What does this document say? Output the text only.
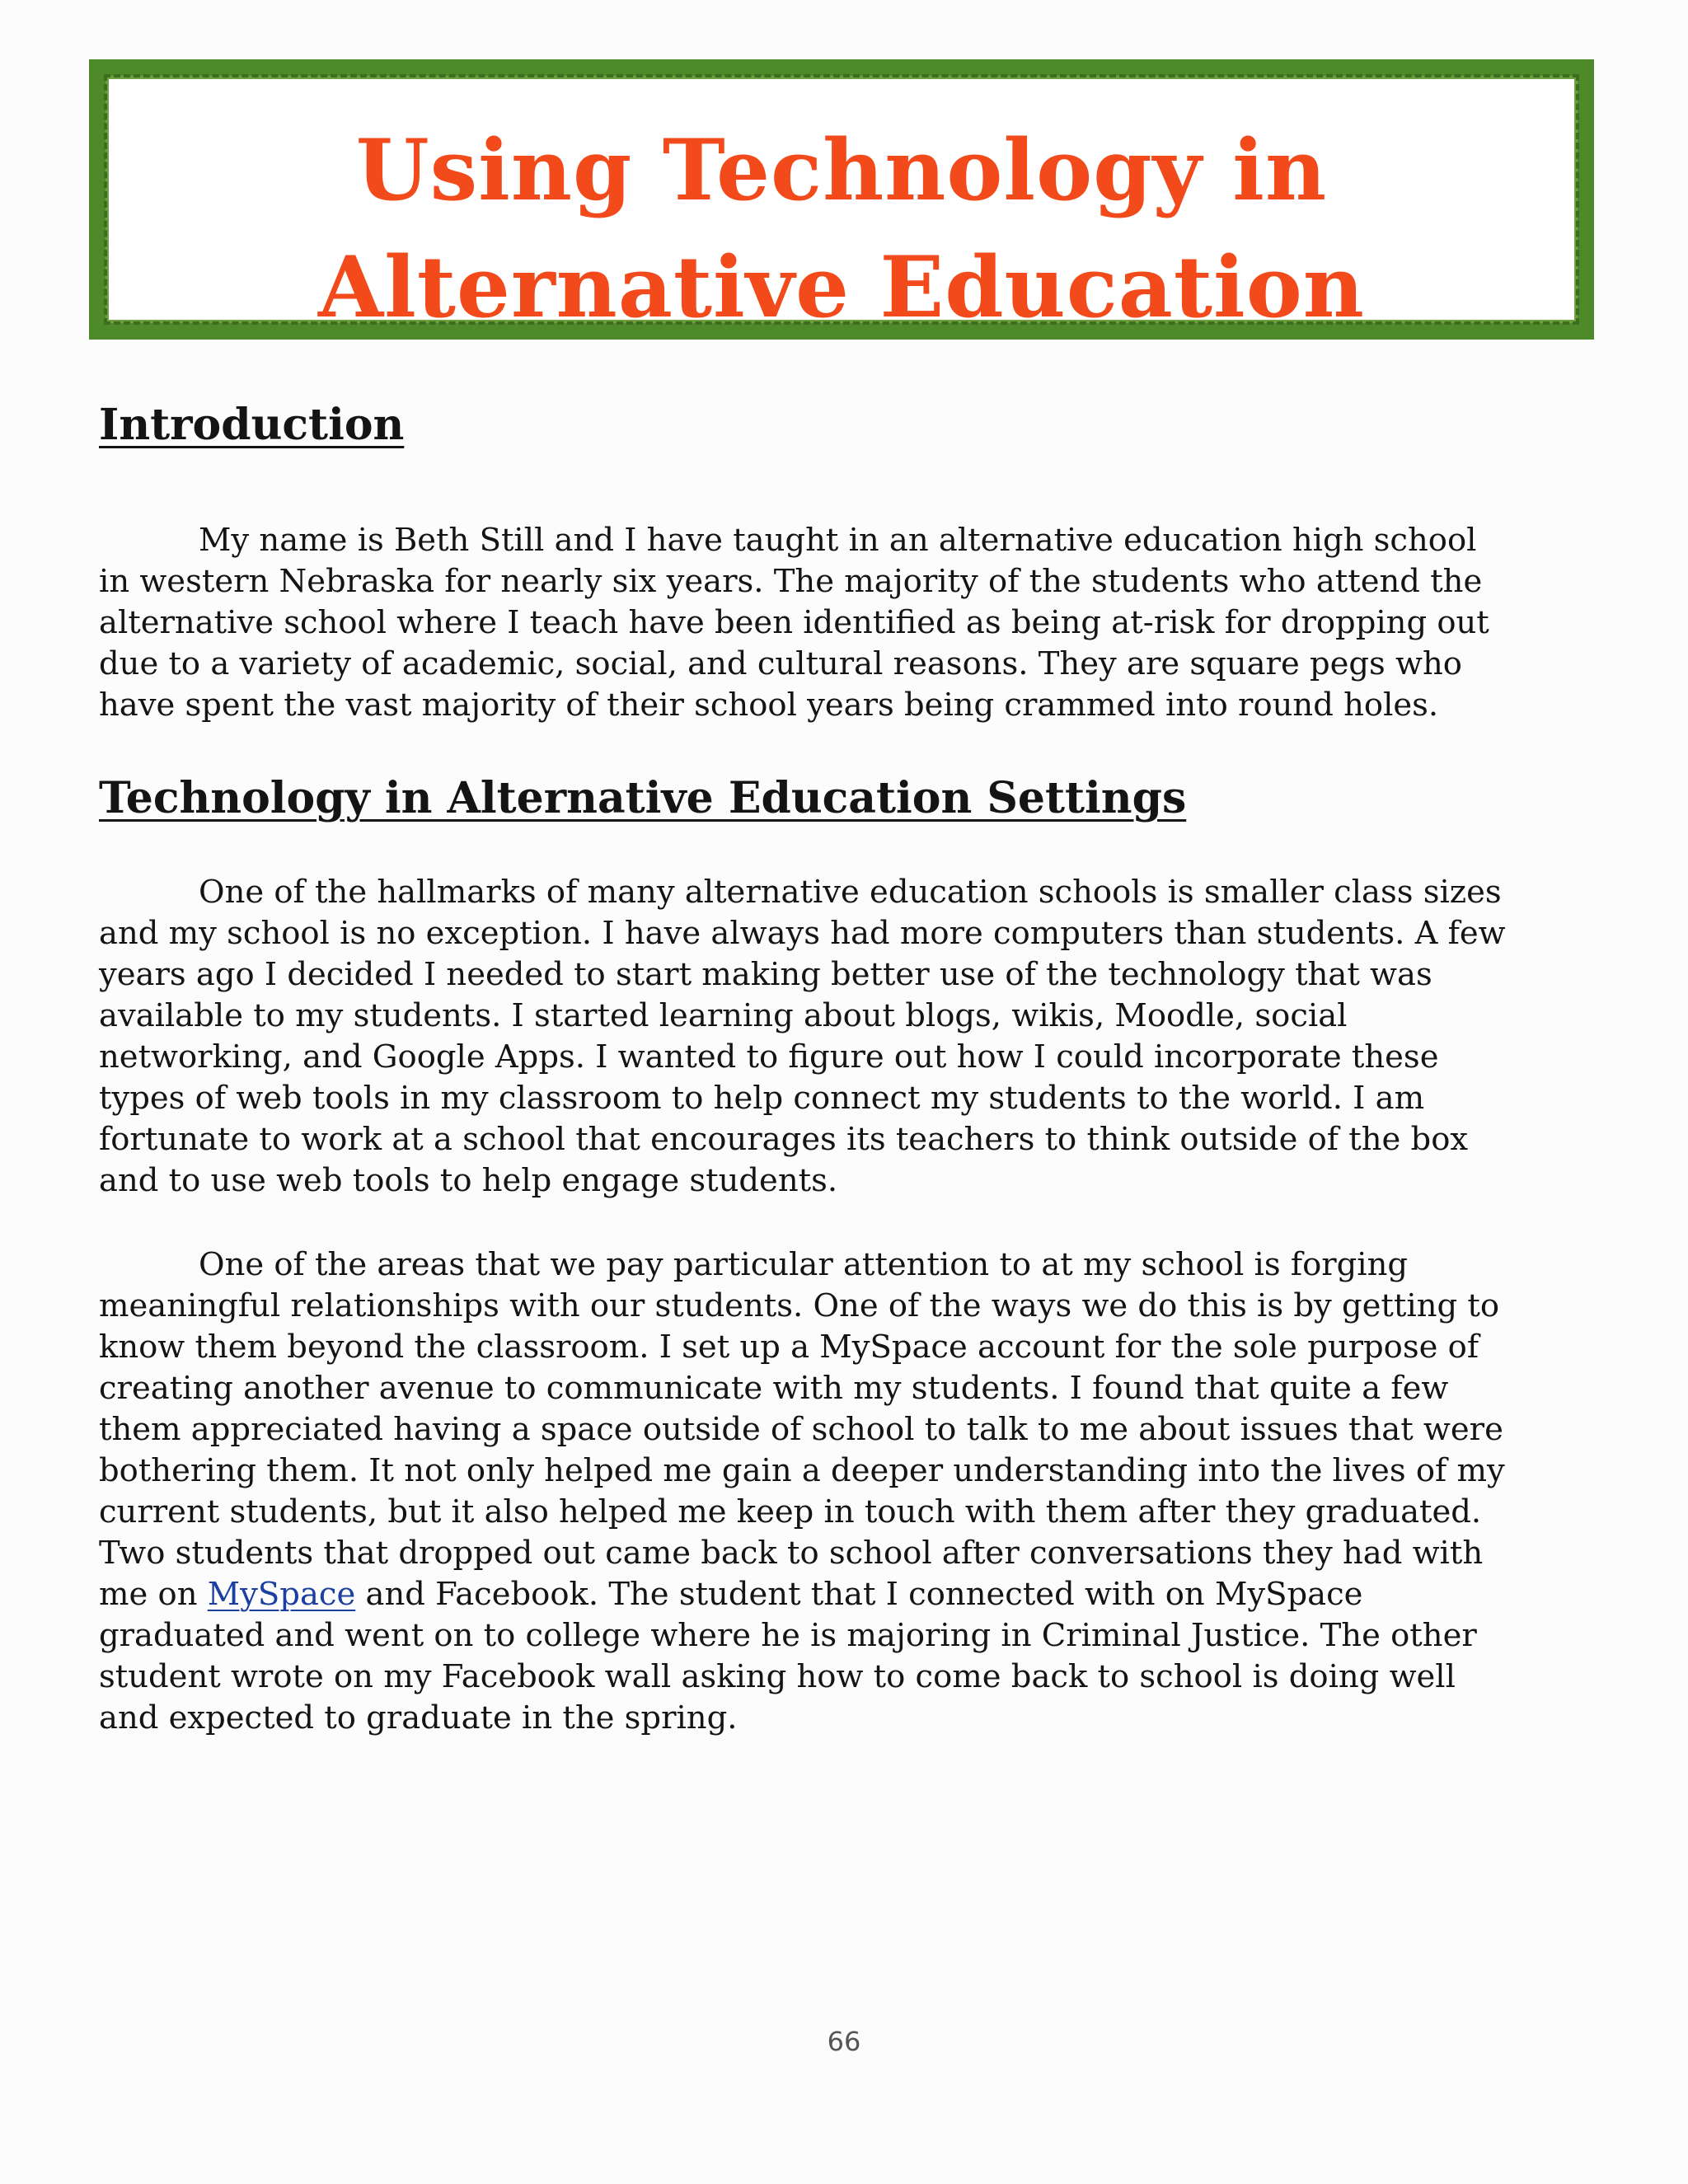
Using Technology in
Alternative Education
Introduction

My name is Beth Still and I have taught in an alternative education high school
in western Nebraska for nearly six years. The majority of the students who attend the
alternative school where I teach have been identified as being at-risk for dropping out
due to a variety of academic, social, and cultural reasons. They are square pegs who
have spent the vast majority of their school years being crammed into round holes.

Technology in Alternative Education Settings

One of the hallmarks of many alternative education schools is smaller class sizes
and my school is no exception. I have always had more computers than students. A few
years ago I decided I needed to start making better use of the technology that was
available to my students. I started learning about blogs, wikis, Moodle, social
networking, and Google Apps. I wanted to figure out how I could incorporate these
types of web tools in my classroom to help connect my students to the world. I am
fortunate to work at a school that encourages its teachers to think outside of the box
and to use web tools to help engage students.

One of the areas that we pay particular attention to at my school is forging
meaningful relationships with our students. One of the ways we do this is by getting to
know them beyond the classroom. I set up a MySpace account for the sole purpose of
creating another avenue to communicate with my students. I found that quite a few
them appreciated having a space outside of school to talk to me about issues that were
bothering them. It not only helped me gain a deeper understanding into the lives of my
current students, but it also helped me keep in touch with them after they graduated.
Two students that dropped out came back to school after conversations they had with
me on MySpace and Facebook. The student that I connected with on MySpace
graduated and went on to college where he is majoring in Criminal Justice. The other
student wrote on my Facebook wall asking how to come back to school is doing well
and expected to graduate in the spring.

66
